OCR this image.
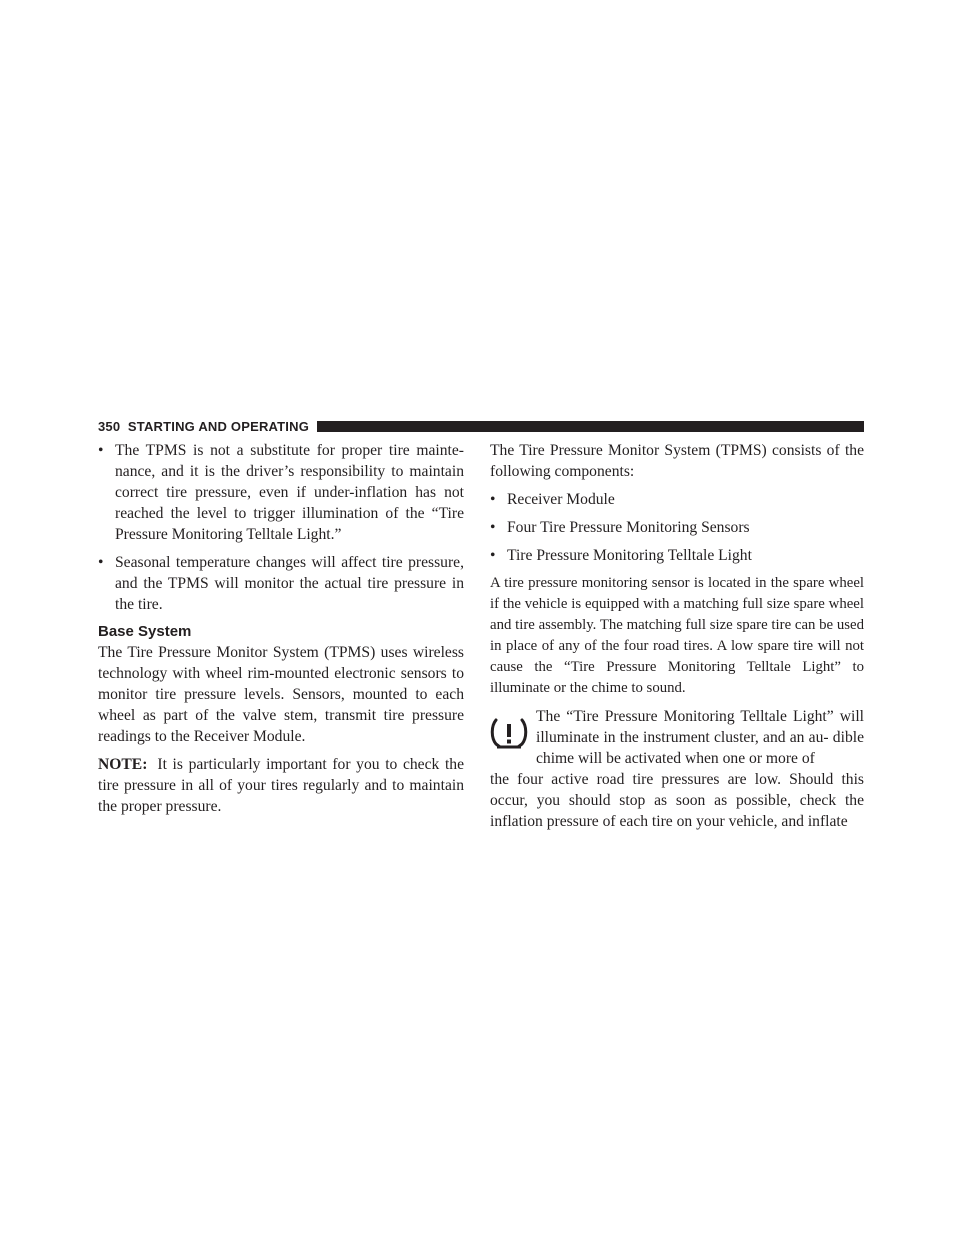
350 STARTING AND OPERATING
• The TPMS is not a substitute for proper tire mainte- nance, and it is the driver’s responsibility to maintain correct tire pressure, even if under-inflation has not reached the level to trigger illumination of the “Tire Pressure Monitoring Telltale Light.”
• Seasonal temperature changes will affect tire pressure, and the TPMS will monitor the actual tire pressure in the tire.
Base System

The Tire Pressure Monitor System (TPMS) uses wireless technology with wheel rim-mounted electronic sensors to monitor tire pressure levels. Sensors, mounted to each wheel as part of the valve stem, transmit tire pressure readings to the Receiver Module.

NOTE: It is particularly important for you to check the tire pressure in all of your tires regularly and to maintain the proper pressure.

The Tire Pressure Monitor System (TPMS) consists of the following components:

• Receiver Module
• Four Tire Pressure Monitoring Sensors
• Tire Pressure Monitoring Telltale Light

A tire pressure monitoring sensor is located in the spare wheel if the vehicle is equipped with a matching full size spare wheel and tire assembly. The matching full size spare tire can be used in place of any of the four road tires. A low spare tire will not cause the “Tire Pressure Monitoring Telltale Light” to illuminate or the chime to sound.

The “Tire Pressure Monitoring Telltale Light” will illuminate in the instrument cluster, and an au- dible chime will be activated when one or more of
the four active road tire pressures are low. Should this occur, you should stop as soon as possible, check the inflation pressure of each tire on your vehicle, and inflate
